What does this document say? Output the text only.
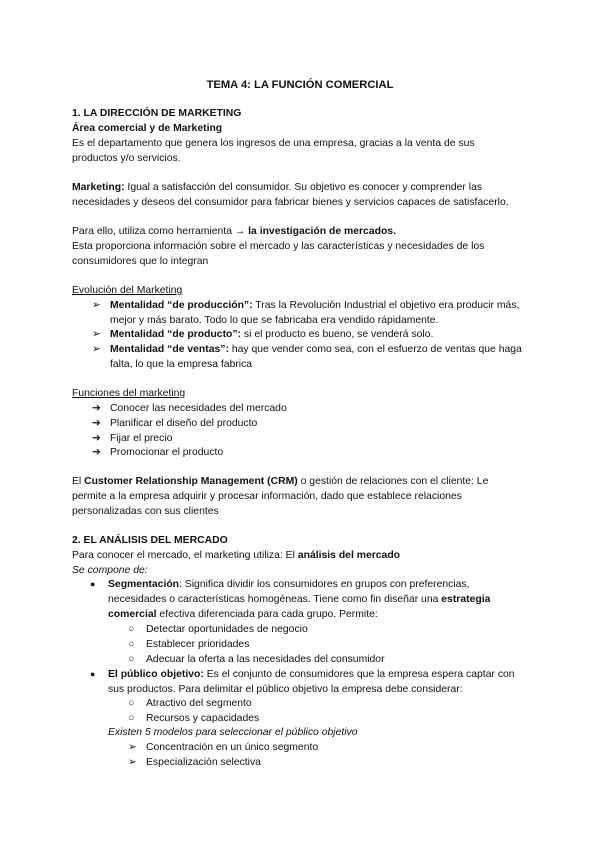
TEMA 4: LA FUNCIÓN COMERCIAL
1. LA DIRECCIÓN DE MARKETING
Área comercial y de Marketing
Es el departamento que genera los ingresos de una empresa, gracias a la venta de sus productos y/o servicios.
Marketing: Igual a satisfacción del consumidor. Su objetivo es conocer y comprender las necesidades y deseos del consumidor para fabricar bienes y servicios capaces de satisfacerlo.
Para ello, utiliza como herramienta → la investigación de mercados.
Esta proporciona información sobre el mercado y las características y necesidades de los consumidores que lo integran
Evolución del Marketing
➢ Mentalidad “de producción”: Tras la Revolución Industrial el objetivo era producir más, mejor y más barato. Todo lo que se fabricaba era vendido rápidamente.
➢ Mentalidad “de producto”: si el producto es bueno, se venderá solo.
➢ Mentalidad “de ventas”: hay que vender como sea, con el esfuerzo de ventas que haga falta, lo que la empresa fabrica
Funciones del marketing
➔ Conocer las necesidades del mercado
➔ Planificar el diseño del producto
➔ Fijar el precio
➔ Promocionar el producto
El Customer Relationship Management (CRM) o gestión de relaciones con el cliente: Le permite a la empresa adquirir y procesar información, dado que establece relaciones personalizadas con sus clientes
2. EL ANÁLISIS DEL MERCADO
Para conocer el mercado, el marketing utiliza: El análisis del mercado
Se compone de:
● Segmentación: Significa dividir los consumidores en grupos con preferencias, necesidades o características homogéneas. Tiene como fin diseñar una estrategia comercial efectiva diferenciada para cada grupo. Permite:
○ Detectar oportunidades de negocio
○ Establecer prioridades
○ Adecuar la oferta a las necesidades del consumidor
● El público objetivo: Es el conjunto de consumidores que la empresa espera captar con sus productos. Para delimitar el público objetivo la empresa debe considerar:
○ Atractivo del segmento
○ Recursos y capacidades
Existen 5 modelos para seleccionar el público objetivo
➢ Concentración en un único segmento
➢ Especialización selectiva
